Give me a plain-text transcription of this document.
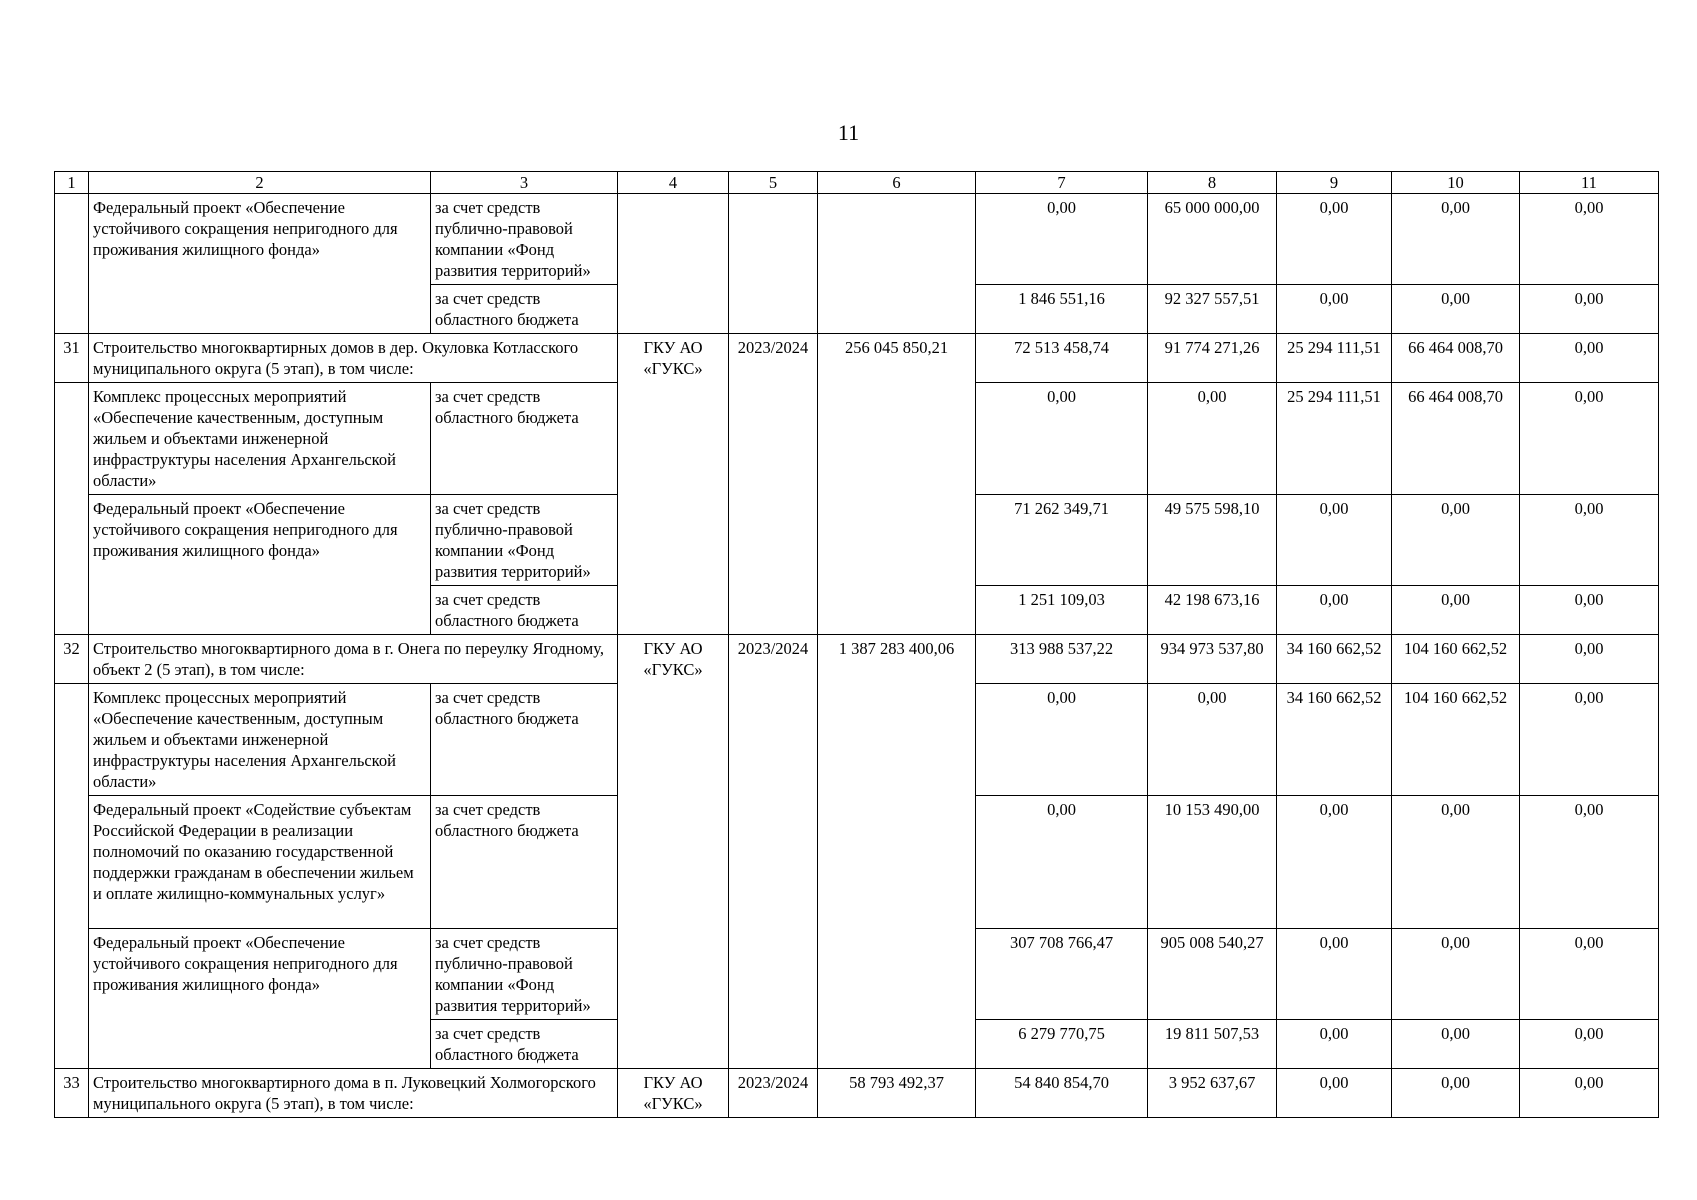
11
1	2	3	4	5	6	7	8	9	10	11
	Федеральный проект «Обеспечение устойчивого сокращения непригодного для проживания жилищного фонда»	за счет средств публично-правовой компании «Фонд развития территорий»				0,00	65 000 000,00	0,00	0,00	0,00
		за счет средств областного бюджета				1 846 551,16	92 327 557,51	0,00	0,00	0,00
31	Строительство многоквартирных домов в дер. Окуловка Котласского муниципального округа (5 этап), в том числе:		ГКУ АО «ГУКС»	2023/2024	256 045 850,21	72 513 458,74	91 774 271,26	25 294 111,51	66 464 008,70	0,00
	Комплекс процессных мероприятий «Обеспечение качественным, доступным жильем и объектами инженерной инфраструктуры населения Архангельской области»	за счет средств областного бюджета				0,00	0,00	25 294 111,51	66 464 008,70	0,00
	Федеральный проект «Обеспечение устойчивого сокращения непригодного для проживания жилищного фонда»	за счет средств публично-правовой компании «Фонд развития территорий»				71 262 349,71	49 575 598,10	0,00	0,00	0,00
		за счет средств областного бюджета				1 251 109,03	42 198 673,16	0,00	0,00	0,00
32	Строительство многоквартирного дома в г. Онега по переулку Ягодному, объект 2 (5 этап), в том числе:		ГКУ АО «ГУКС»	2023/2024	1 387 283 400,06	313 988 537,22	934 973 537,80	34 160 662,52	104 160 662,52	0,00
	Комплекс процессных мероприятий «Обеспечение качественным, доступным жильем и объектами инженерной инфраструктуры населения Архангельской области»	за счет средств областного бюджета				0,00	0,00	34 160 662,52	104 160 662,52	0,00
	Федеральный проект «Содействие субъектам Российской Федерации в реализации полномочий по оказанию государственной поддержки гражданам в обеспечении жильем и оплате жилищно-коммунальных услуг»	за счет средств областного бюджета				0,00	10 153 490,00	0,00	0,00	0,00
	Федеральный проект «Обеспечение устойчивого сокращения непригодного для проживания жилищного фонда»	за счет средств публично-правовой компании «Фонд развития территорий»				307 708 766,47	905 008 540,27	0,00	0,00	0,00
		за счет средств областного бюджета				6 279 770,75	19 811 507,53	0,00	0,00	0,00
33	Строительство многоквартирного дома в п. Луковецкий Холмогорского муниципального округа (5 этап), в том числе:		ГКУ АО «ГУКС»	2023/2024	58 793 492,37	54 840 854,70	3 952 637,67	0,00	0,00	0,00
